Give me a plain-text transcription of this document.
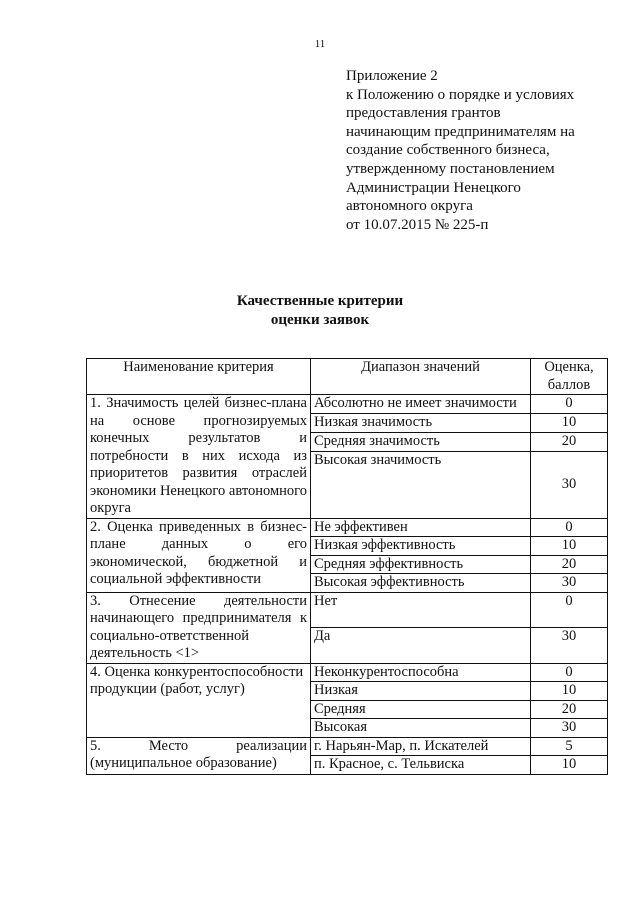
11
Приложение 2
к Положению о порядке и условиях
предоставления грантов
начинающим предпринимателям на
создание собственного бизнеса,
утвержденному постановлением
Администрации Ненецкого
автономного округа
от 10.07.2015 № 225-п
Качественные критерии
оценки заявок
Наименование критерия	Диапазон значений	Оценка, баллов
1. Значимость целей бизнес-плана на основе прогнозируемых конечных результатов и потребности в них исхода из приоритетов развития отраслей экономики Ненецкого автономного округа	Абсолютно не имеет значимости	0
	Низкая значимость	10
	Средняя значимость	20
	Высокая значимость	30
2. Оценка приведенных в бизнес-плане данных о его экономической, бюджетной и социальной эффективности	Не эффективен	0
	Низкая эффективность	10
	Средняя эффективность	20
	Высокая эффективность	30
3. Отнесение деятельности начинающего предпринимателя к социально-ответственной деятельность <1>	Нет	0
	Да	30
4. Оценка конкурентоспособности продукции (работ, услуг)	Неконкурентоспособна	0
	Низкая	10
	Средняя	20
	Высокая	30
5. Место реализации (муниципальное образование)	г. Нарьян-Мар, п. Искателей	5
	п. Красное, с. Тельвиска	10
